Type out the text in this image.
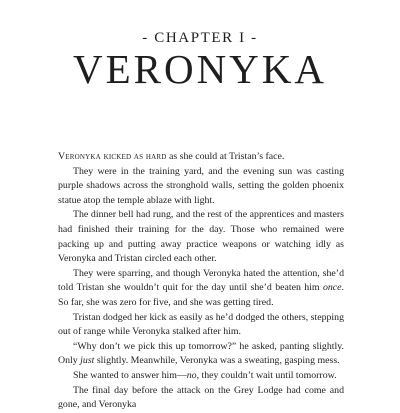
- CHAPTER I -
VERONYKA

Veronyka kicked as hard as she could at Tristan’s face.

They were in the training yard, and the evening sun was casting purple shadows across the stronghold walls, setting the golden phoenix statue atop the temple ablaze with light.

The dinner bell had rung, and the rest of the apprentices and masters had finished their training for the day. Those who remained were packing up and putting away practice weapons or watching idly as Veronyka and Tristan circled each other.

They were sparring, and though Veronyka hated the attention, she’d told Tristan she wouldn’t quit for the day until she’d beaten him once. So far, she was zero for five, and she was getting tired.

Tristan dodged her kick as easily as he’d dodged the others, stepping out of range while Veronyka stalked after him.

“Why don’t we pick this up tomorrow?” he asked, panting slightly. Only just slightly. Meanwhile, Veronyka was a sweating, gasping mess.

She wanted to answer him—no, they couldn’t wait until tomorrow.

The final day before the attack on the Grey Lodge had come and gone, and Veronyka
